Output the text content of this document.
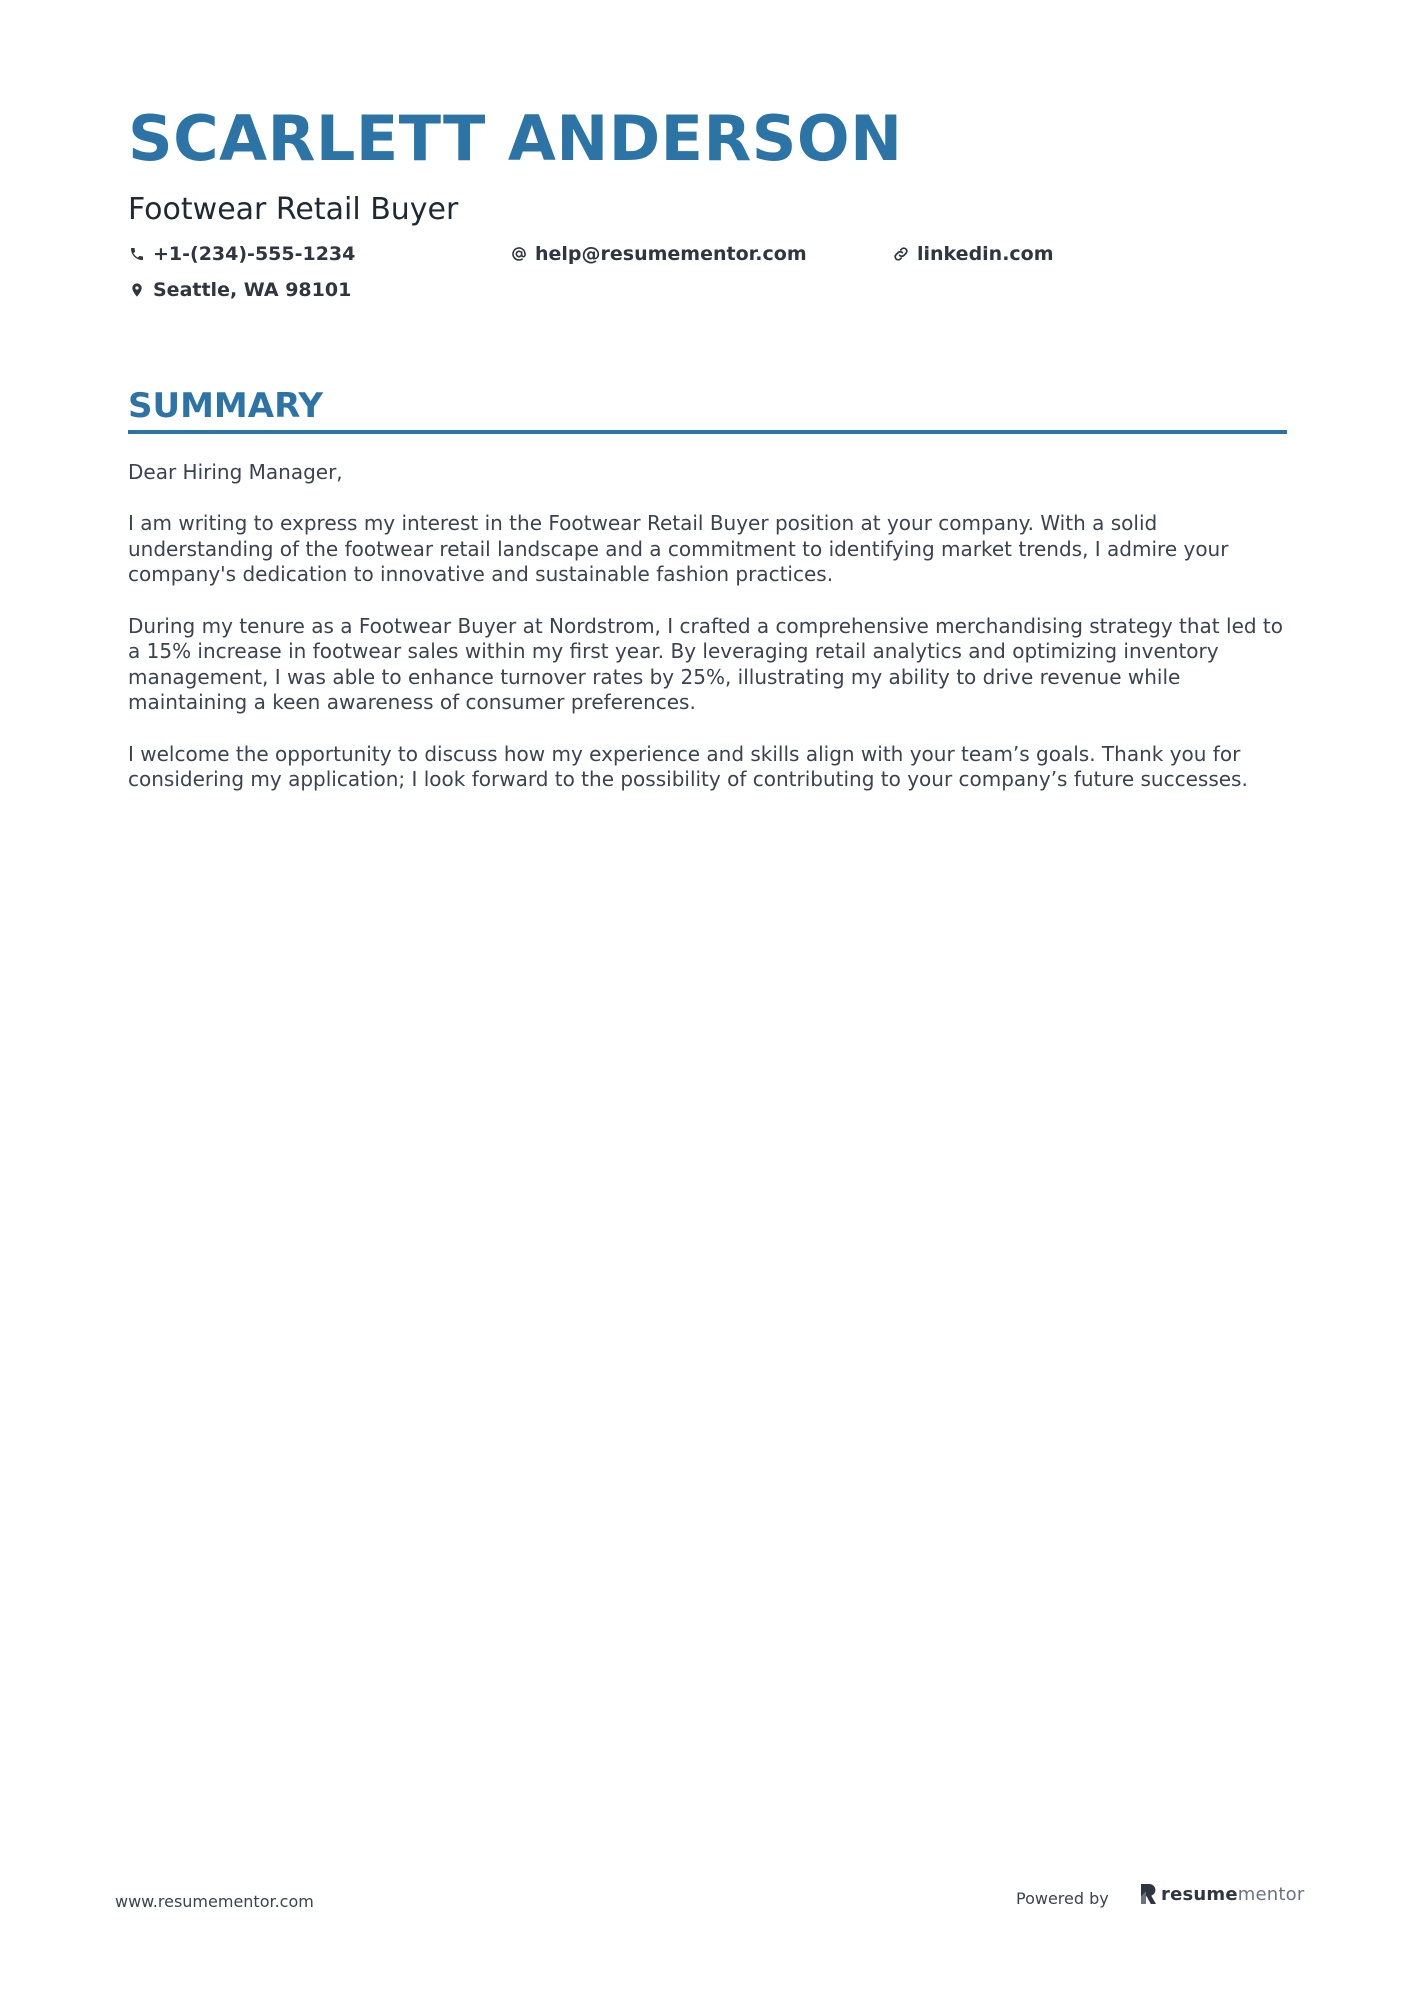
SCARLETT ANDERSON
Footwear Retail Buyer
+1-(234)-555-1234	help@resumementor.com	linkedin.com
Seattle, WA 98101
SUMMARY

Dear Hiring Manager,

I am writing to express my interest in the Footwear Retail Buyer position at your company. With a solid understanding of the footwear retail landscape and a commitment to identifying market trends, I admire your company's dedication to innovative and sustainable fashion practices.

During my tenure as a Footwear Buyer at Nordstrom, I crafted a comprehensive merchandising strategy that led to a 15% increase in footwear sales within my first year. By leveraging retail analytics and optimizing inventory management, I was able to enhance turnover rates by 25%, illustrating my ability to drive revenue while maintaining a keen awareness of consumer preferences.

I welcome the opportunity to discuss how my experience and skills align with your team’s goals. Thank you for considering my application; I look forward to the possibility of contributing to your company’s future successes.

www.resumementor.com	Powered by	resumementor
